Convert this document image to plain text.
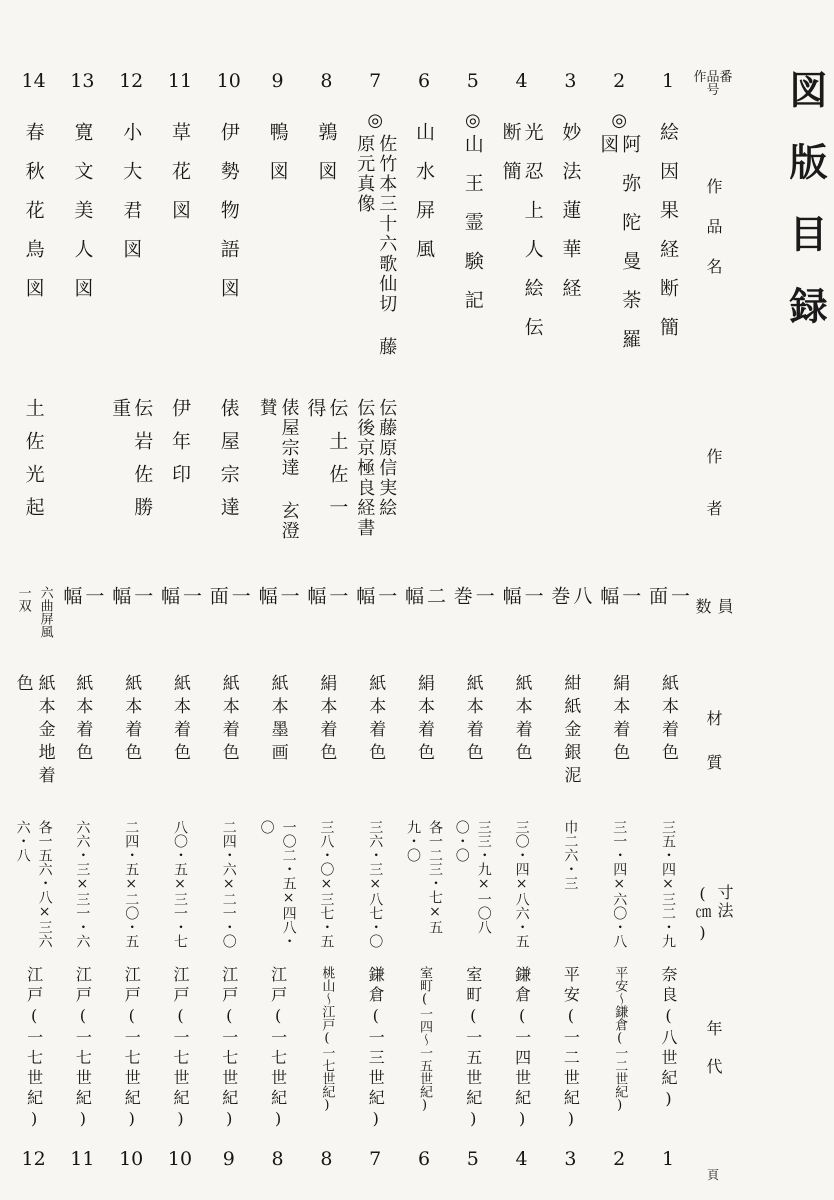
図版目録
作品番号
作品名
作者
員数
材質
寸法(㎝)
年代
頁
1
絵因果経断簡
一面
紙本着色
三五・四×三二・九
奈良(八世紀)
1
2
阿弥陀曼荼羅図
一幅
絹本着色
三一・四×六〇・八
平安～鎌倉(一二世紀)
2
◎
3
妙法蓮華経
八巻
紺紙金銀泥
巾二六・三
平安(一二世紀)
3
4
光忍上人絵伝断簡
一幅
紙本着色
三〇・四×八六・五
鎌倉(一四世紀)
4
5
山王霊験記
一巻
紙本着色
三三・九×一〇八〇・〇
室町(一五世紀)
5
◎
6
山水屏風
二幅
絹本着色
各一二三・七×五九・〇
室町(一四～一五世紀)
6
7
佐竹本三十六歌仙切 藤原元真像
伝藤原信実絵 伝後京極良経書
一幅
紙本着色
三六・三×八七・〇
鎌倉(一三世紀)
7
◎
8
鶉図
伝土佐一得
一幅
絹本着色
三八・〇×三七・五
桃山～江戸(一七世紀)
8
9
鴨図
俵屋宗達 玄澄賛
一幅
紙本墨画
一〇二・五×四八・〇
江戸(一七世紀)
8
10
伊勢物語図
俵屋宗達
一面
紙本着色
二四・六×二一・〇
江戸(一七世紀)
9
11
草花図
伊年印
一幅
紙本着色
八〇・五×三一・七
江戸(一七世紀)
10
12
小大君図
伝岩佐勝重
一幅
紙本着色
二四・五×二〇・五
江戸(一七世紀)
10
13
寛文美人図
一幅
紙本着色
六六・三×三一・六
江戸(一七世紀)
11
14
春秋花鳥図
土佐光起
六曲屏風一双
紙本金地着色
各一五六・八×三六六・八
江戸(一七世紀)
12
